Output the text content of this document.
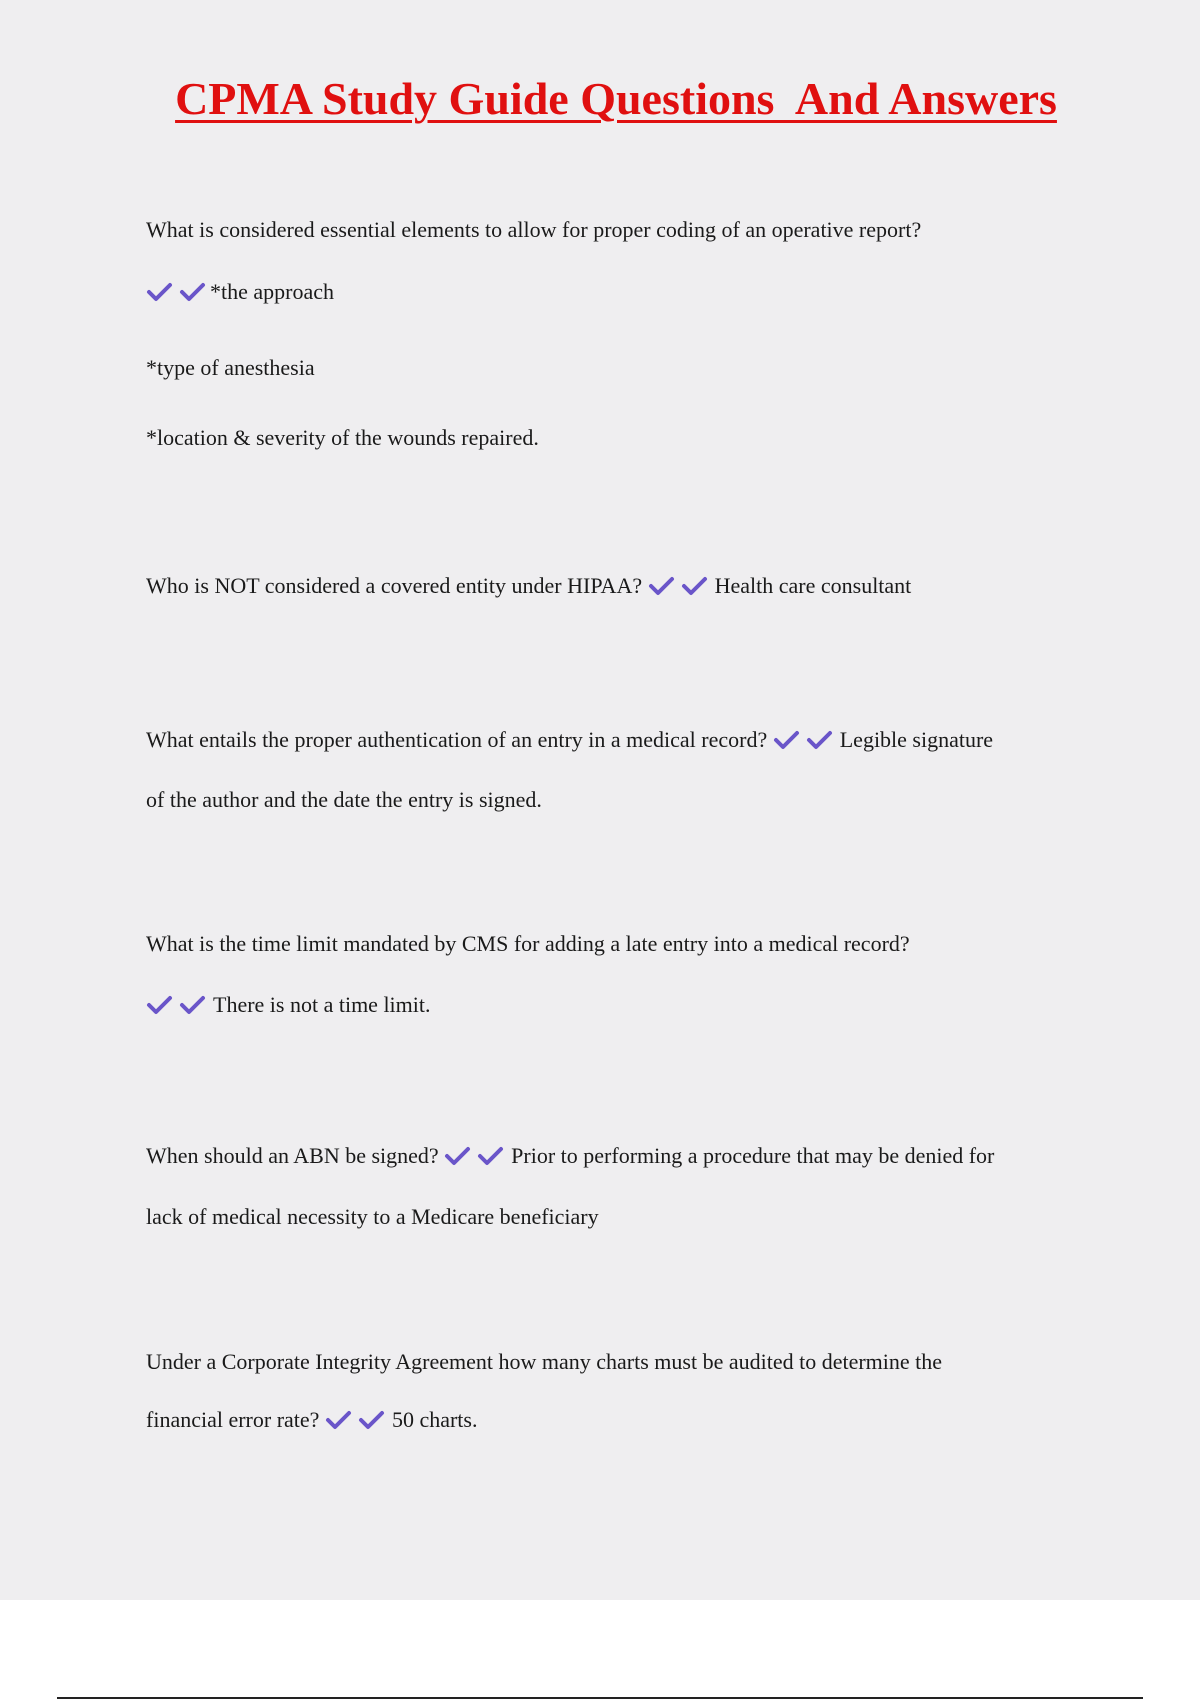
CPMA Study Guide Questions  And Answers
What is considered essential elements to allow for proper coding of an operative report?
*the approach
*type of anesthesia
*location & severity of the wounds repaired.
Who is NOT considered a covered entity under HIPAA?	Health care consultant
What entails the proper authentication of an entry in a medical record?	Legible signature
of the author and the date the entry is signed.
What is the time limit mandated by CMS for adding a late entry into a medical record?
There is not a time limit.
When should an ABN be signed?	Prior to performing a procedure that may be denied for
lack of medical necessity to a Medicare beneficiary
Under a Corporate Integrity Agreement how many charts must be audited to determine the
financial error rate?	50 charts.
